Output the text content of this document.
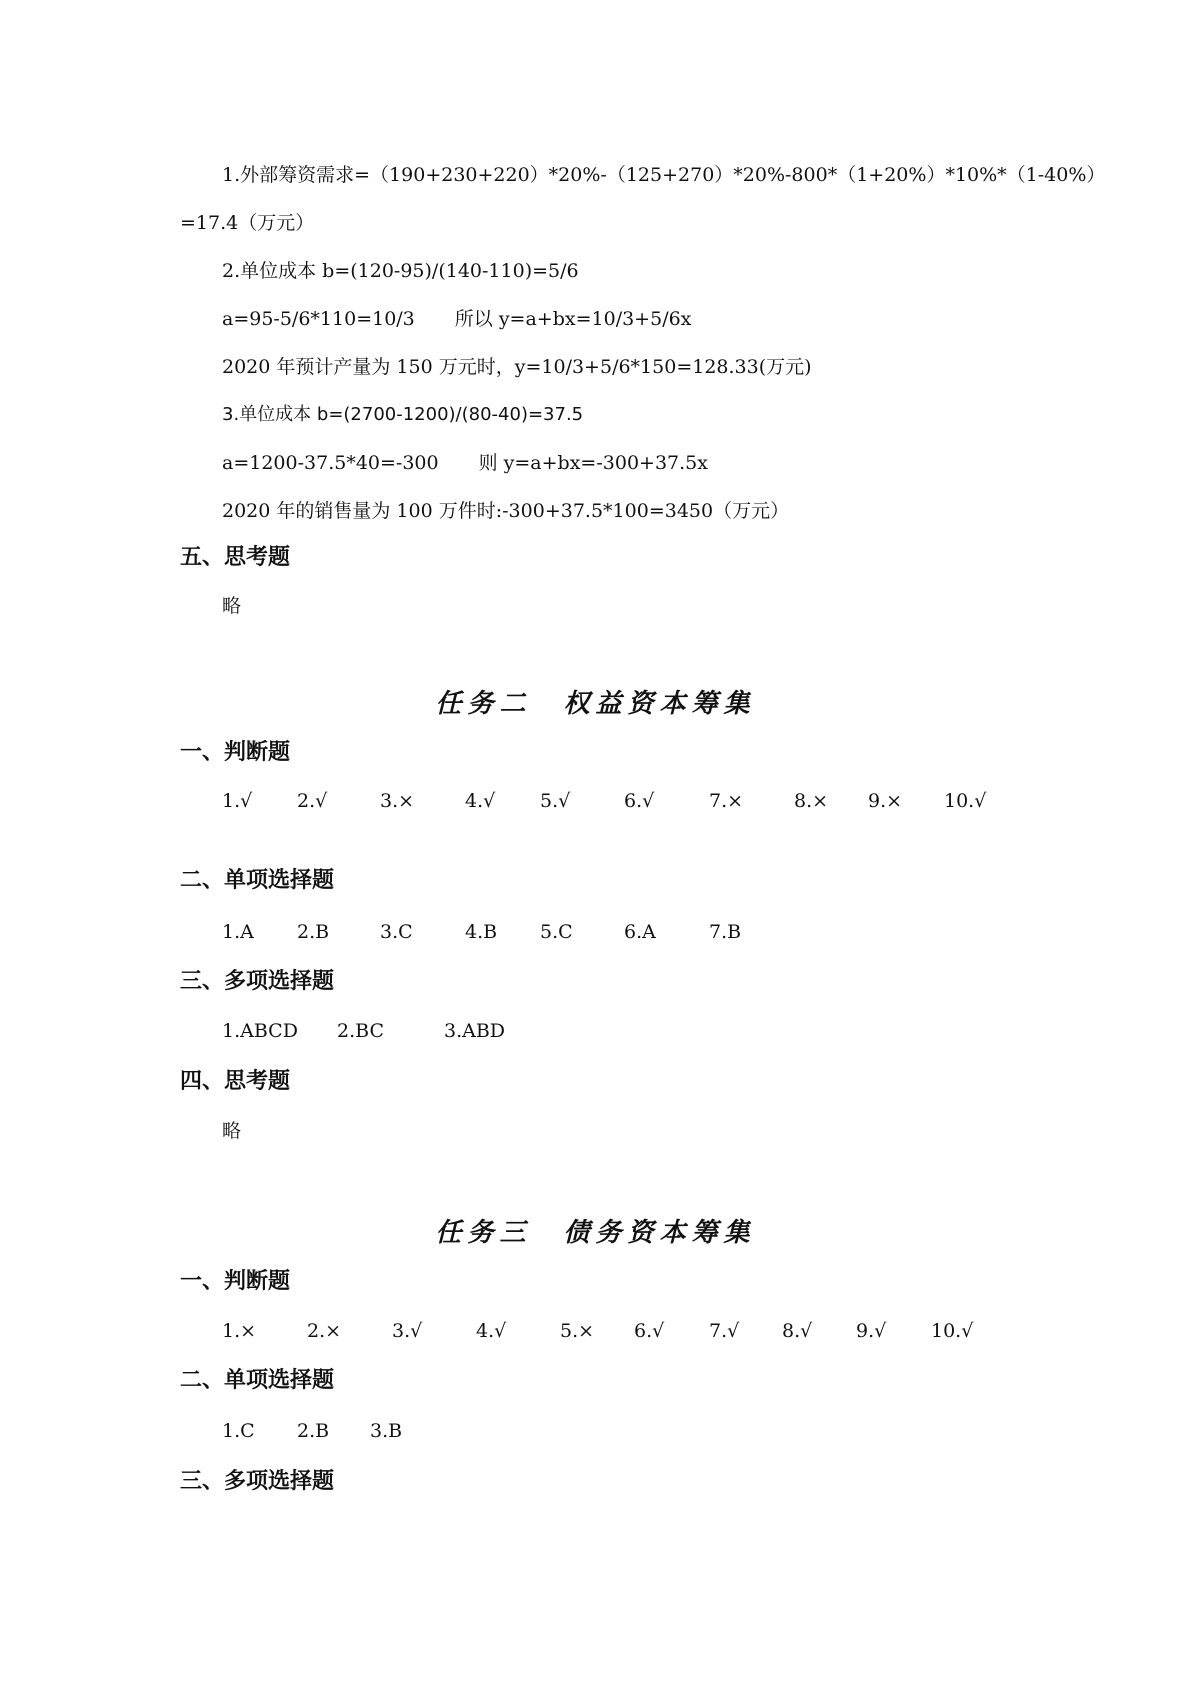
1.外部筹资需求=（190+230+220）*20%-（125+270）*20%-800*（1+20%）*10%*（1-40%）
=17.4（万元）
2.单位成本 b=(120-95)/(140-110)=5/6
a=95-5/6*110=10/3 所以 y=a+bx=10/3+5/6x
2020 年预计产量为 150 万元时，y=10/3+5/6*150=128.33(万元)
3.单位成本 b=(2700-1200)/(80-40)=37.5
a=1200-37.5*40=-300 则 y=a+bx=-300+37.5x
2020 年的销售量为 100 万件时:-300+37.5*100=3450（万元）
五、思考题
略
任务二　权益资本筹集
一、判断题
1.√ 2.√	3.×	4.√ 5.√	6.√	7.×	8.× 9.× 10.√
二、单项选择题
1.A 2.B	3.C	4.B 5.C	6.A	7.B
三、多项选择题
1.ABCD 2.BC	3.ABD
四、思考题
略
任务三　债务资本筹集
一、判断题
1.×	2.×	3.√	4.√	5.× 6.√ 7.√ 8.√ 9.√ 10.√
二、单项选择题
1.C 2.B 3.B
三、多项选择题
